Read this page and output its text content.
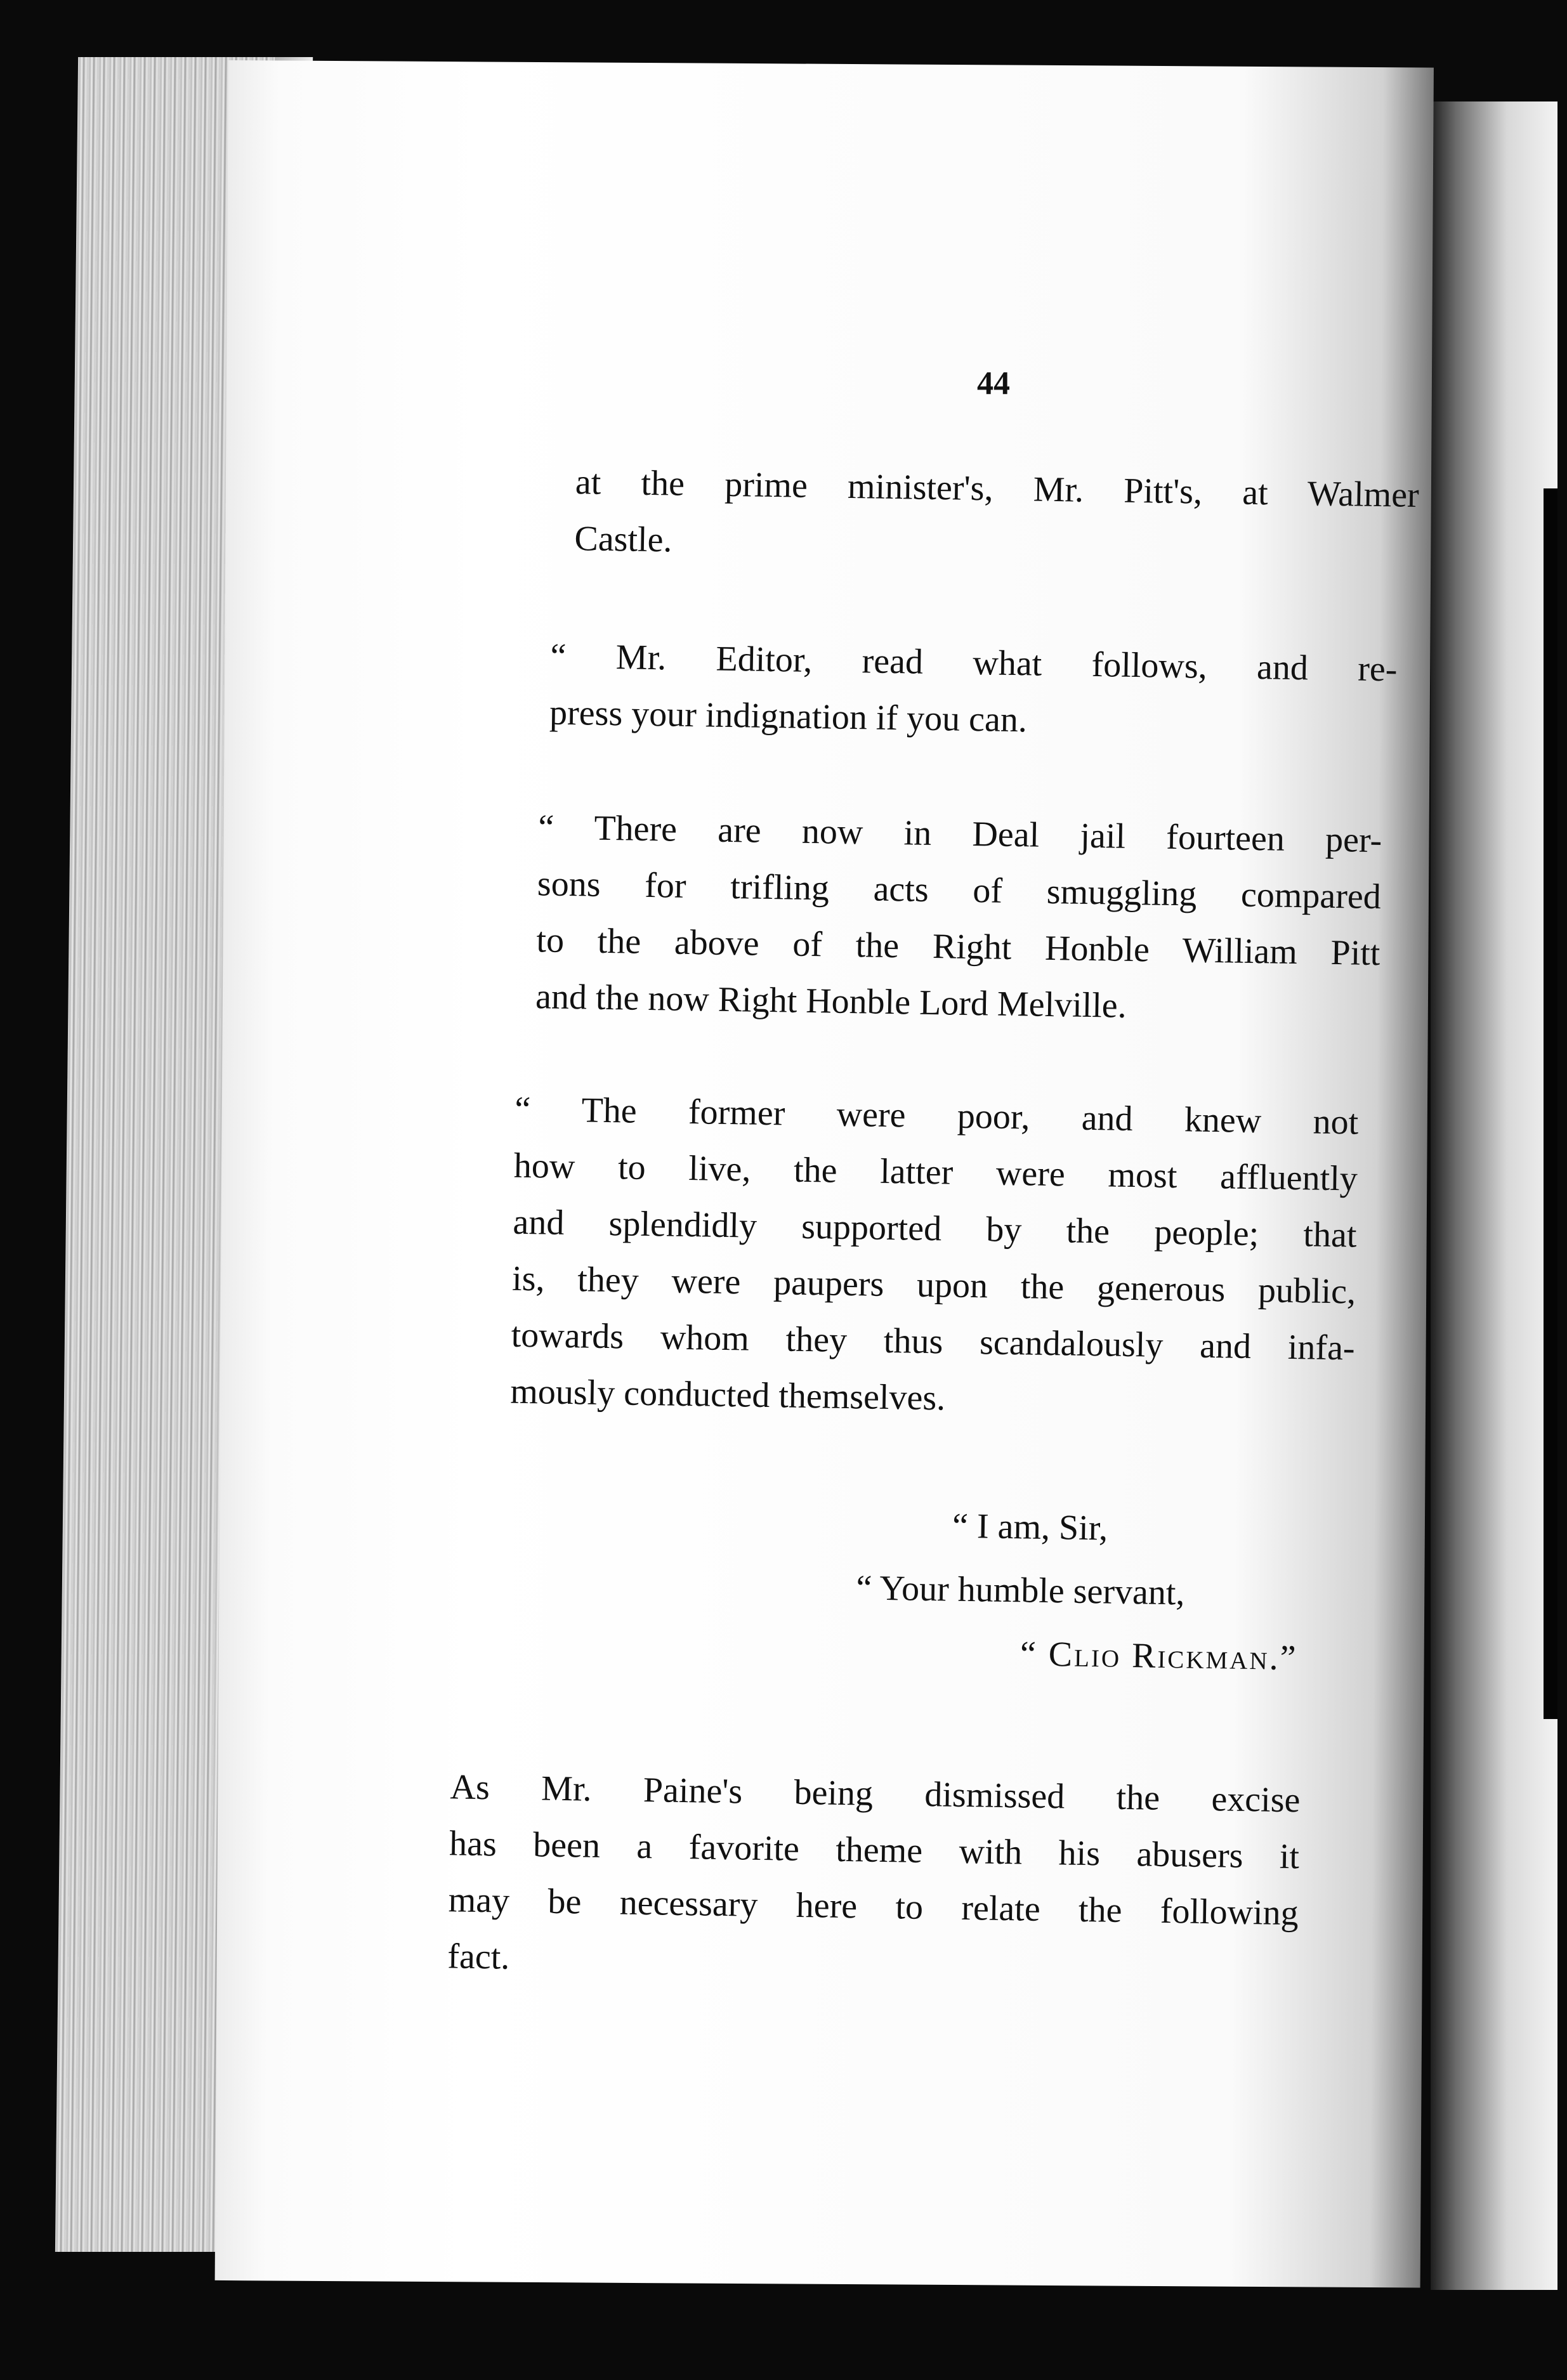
44

at the prime minister's, Mr. Pitt's, at Walmer
Castle.

“ Mr. Editor, read what follows, and re-
press your indignation if you can.

“ There are now in Deal jail fourteen per-
sons for trifling acts of smuggling compared
to the above of the Right Honble William Pitt
and the now Right Honble Lord Melville.

“ The former were poor, and knew not
how to live, the latter were most affluently
and splendidly supported by the people; that
is, they were paupers upon the generous public,
towards whom they thus scandalously and infa-
mously conducted themselves.

“ I am, Sir,
“ Your humble servant,
“ Clio Rickman.”

As Mr. Paine's being dismissed the excise
has been a favorite theme with his abusers it
may be necessary here to relate the following
fact.
